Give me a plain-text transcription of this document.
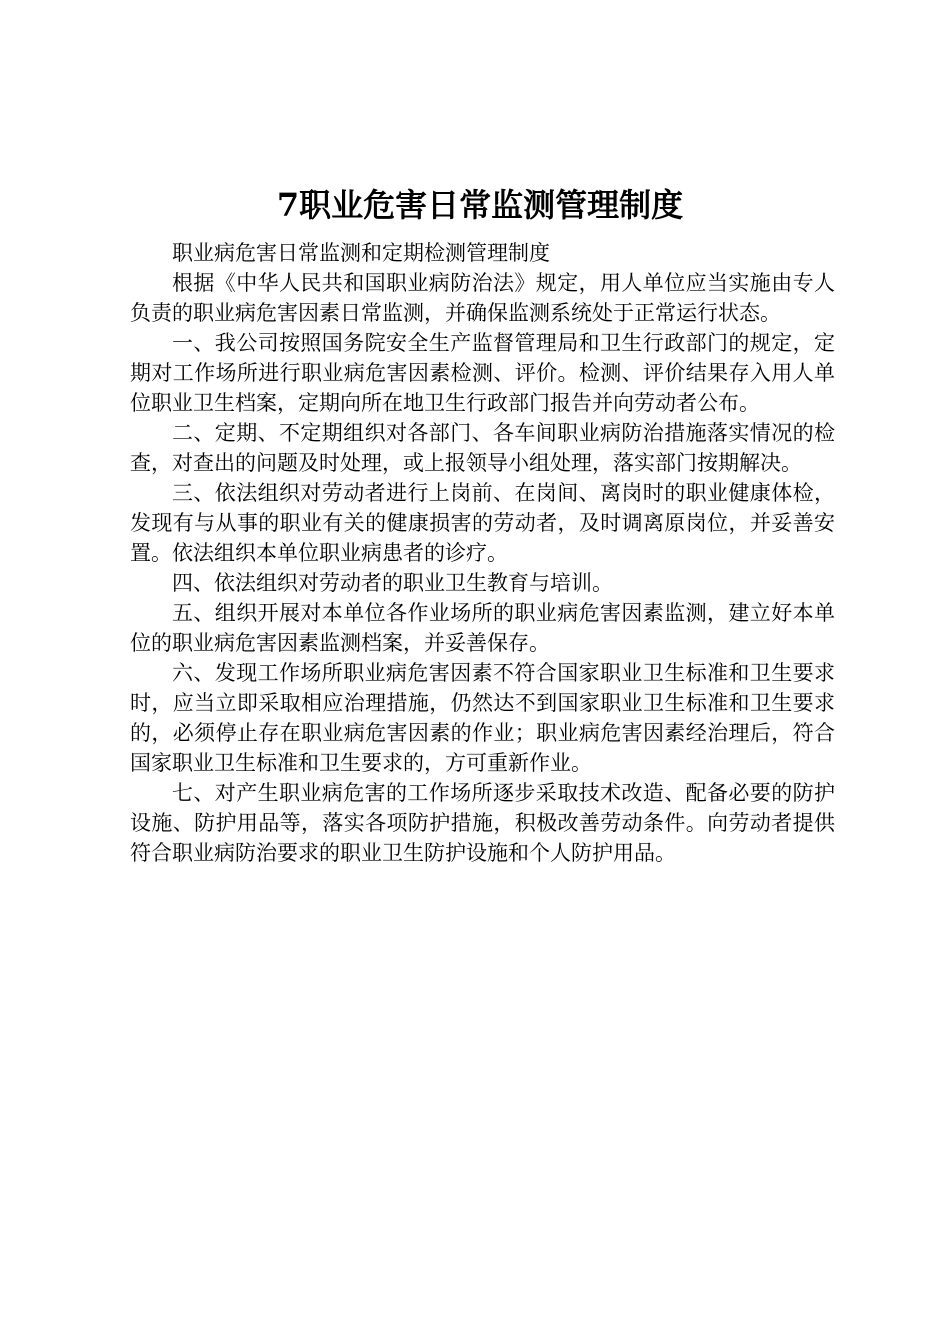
7职业危害日常监测管理制度

职业病危害日常监测和定期检测管理制度

根据《中华人民共和国职业病防治法》规定，用人单位应当实施由专人负责的职业病危害因素日常监测，并确保监测系统处于正常运行状态。

一、我公司按照国务院安全生产监督管理局和卫生行政部门的规定，定期对工作场所进行职业病危害因素检测、评价。检测、评价结果存入用人单位职业卫生档案，定期向所在地卫生行政部门报告并向劳动者公布。

二、定期、不定期组织对各部门、各车间职业病防治措施落实情况的检查，对查出的问题及时处理，或上报领导小组处理，落实部门按期解决。

三、依法组织对劳动者进行上岗前、在岗间、离岗时的职业健康体检，发现有与从事的职业有关的健康损害的劳动者，及时调离原岗位，并妥善安置。依法组织本单位职业病患者的诊疗。

四、依法组织对劳动者的职业卫生教育与培训。

五、组织开展对本单位各作业场所的职业病危害因素监测，建立好本单位的职业病危害因素监测档案，并妥善保存。

六、发现工作场所职业病危害因素不符合国家职业卫生标准和卫生要求时，应当立即采取相应治理措施，仍然达不到国家职业卫生标准和卫生要求的，必须停止存在职业病危害因素的作业；职业病危害因素经治理后，符合国家职业卫生标准和卫生要求的，方可重新作业。

七、对产生职业病危害的工作场所逐步采取技术改造、配备必要的防护设施、防护用品等，落实各项防护措施，积极改善劳动条件。向劳动者提供符合职业病防治要求的职业卫生防护设施和个人防护用品。
